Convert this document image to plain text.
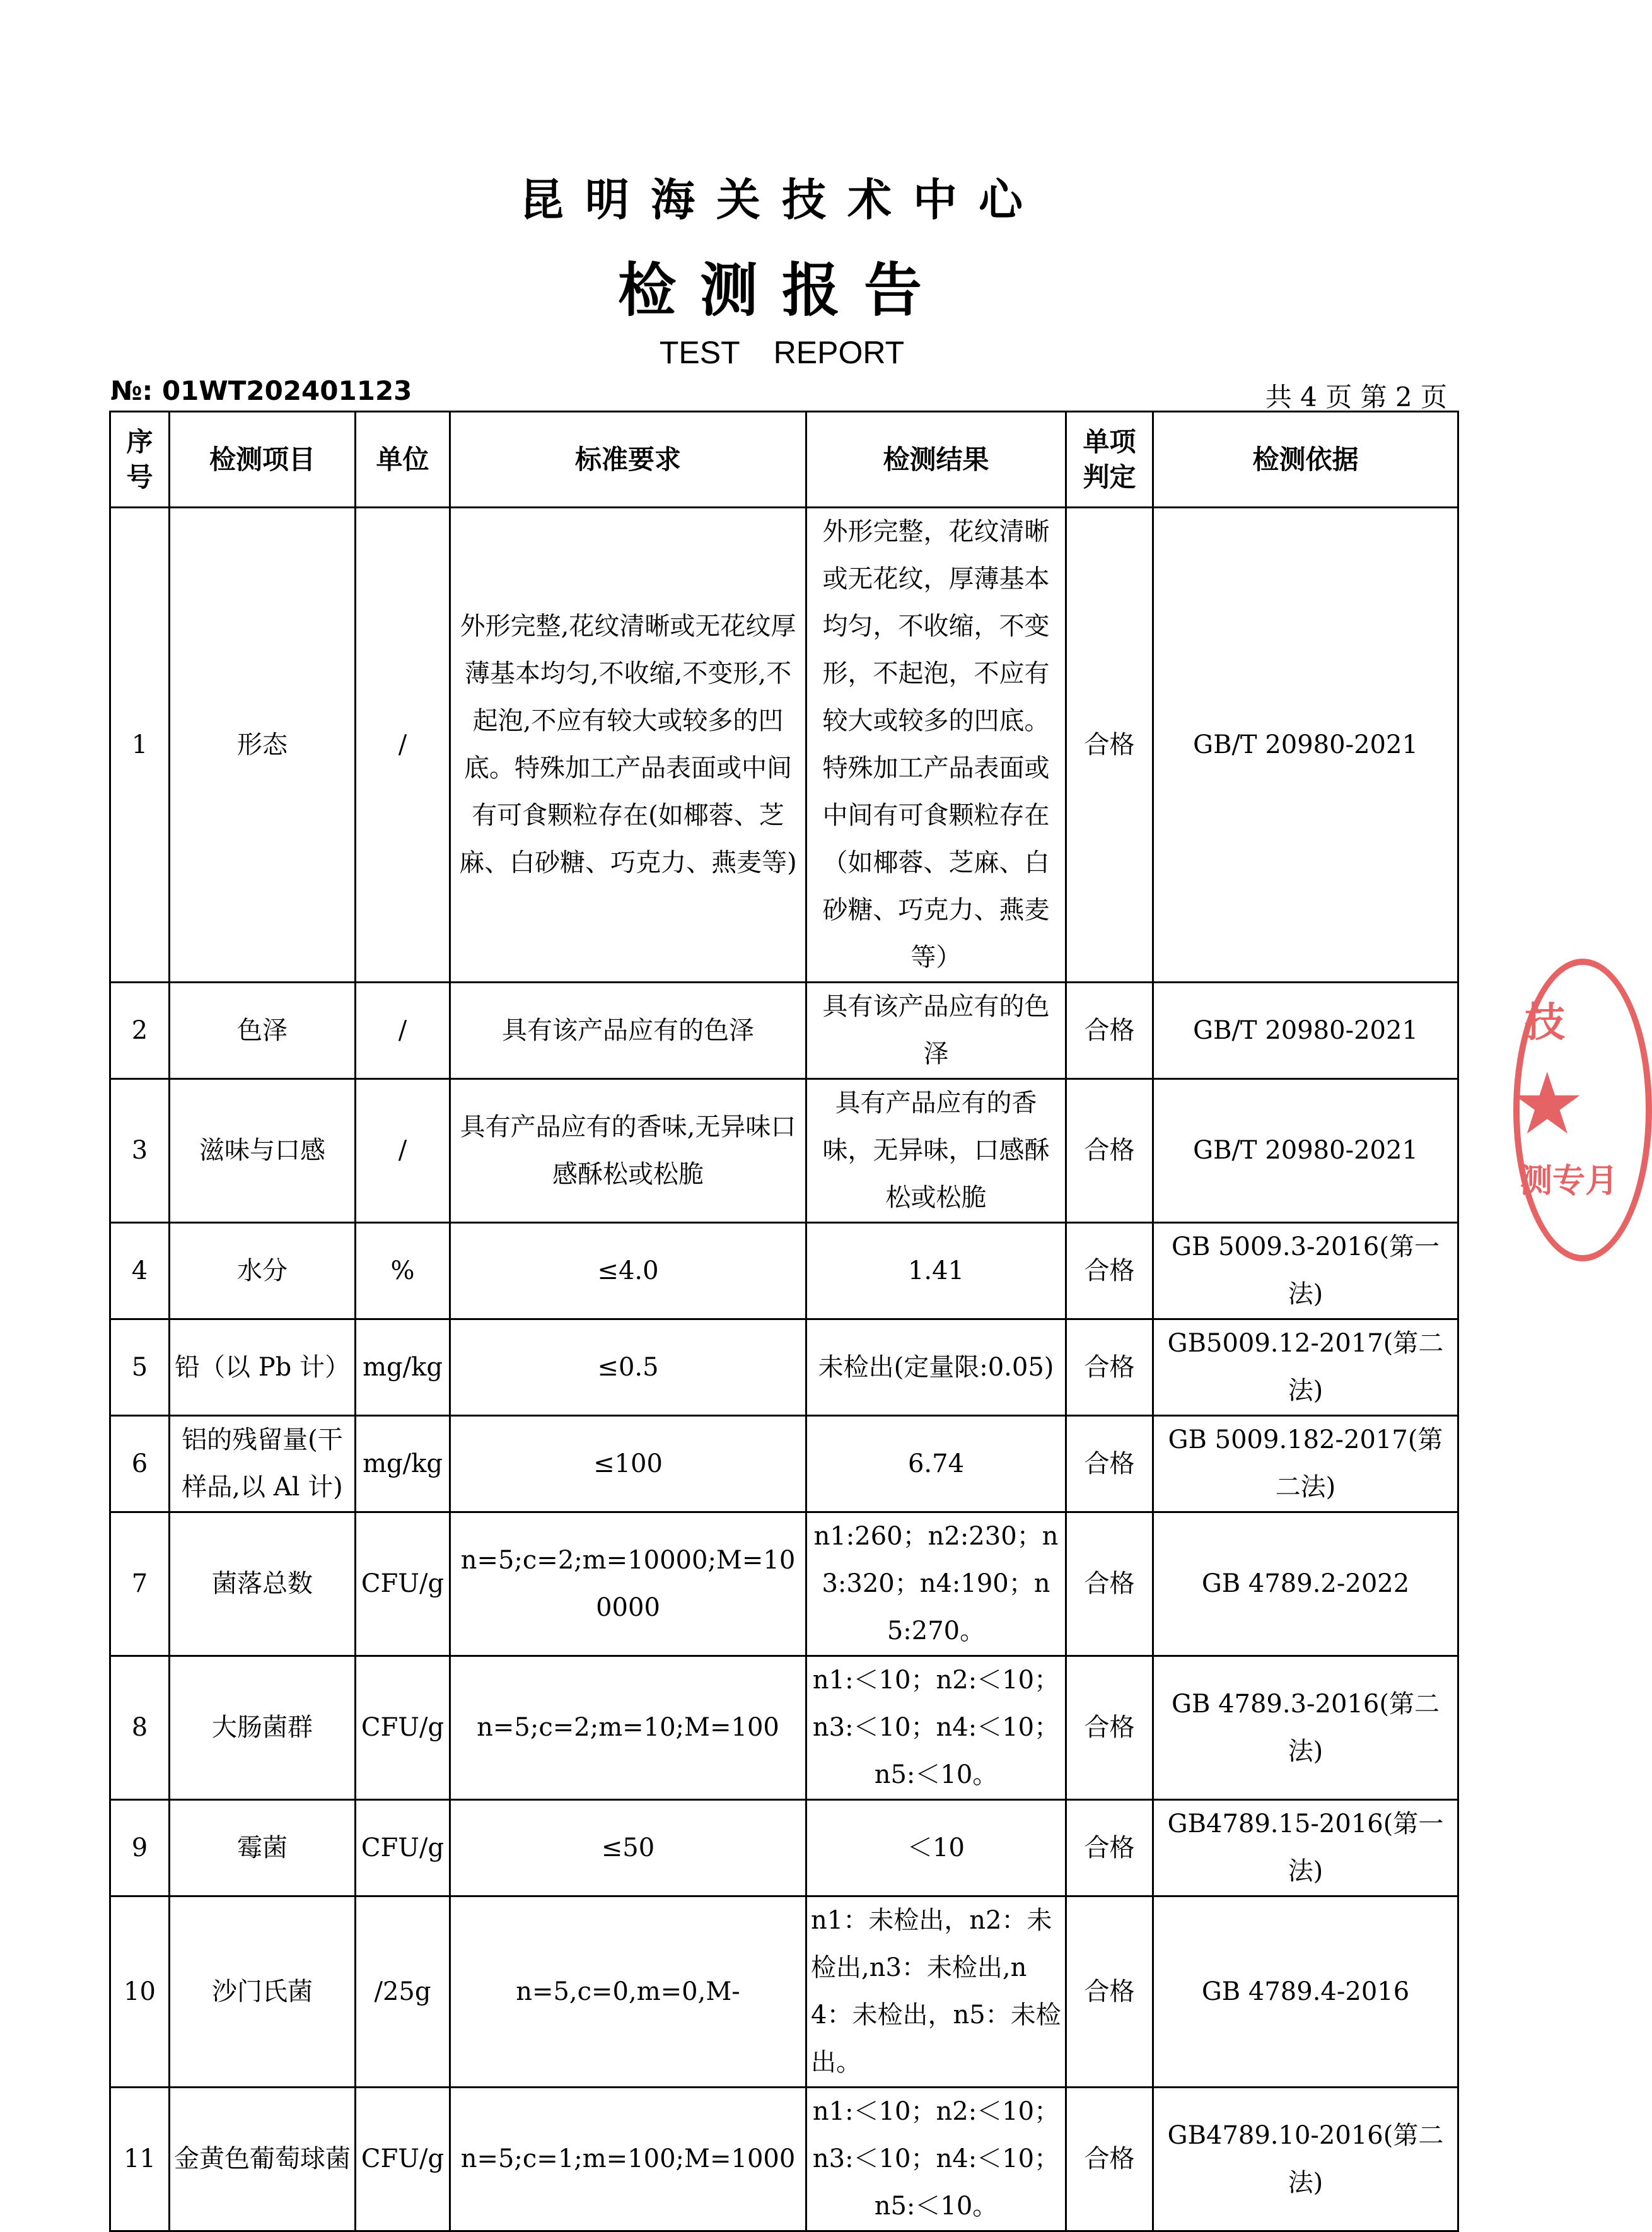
昆明海关技术中心
检测报告
TEST REPORT
№: 01WT202401123	共 4 页 第 2 页
序号	检测项目	单位	标准要求	检测结果	单项判定	检测依据
1	形态	/	外形完整,花纹清晰或无花纹厚薄基本均匀,不收缩,不变形,不起泡,不应有较大或较多的凹底。特殊加工产品表面或中间有可食颗粒存在(如椰蓉、芝麻、白砂糖、巧克力、燕麦等)	外形完整，花纹清晰或无花纹，厚薄基本均匀，不收缩，不变形，不起泡，不应有较大或较多的凹底。特殊加工产品表面或中间有可食颗粒存在（如椰蓉、芝麻、白砂糖、巧克力、燕麦等）	合格	GB/T 20980-2021
2	色泽	/	具有该产品应有的色泽	具有该产品应有的色泽	合格	GB/T 20980-2021
3	滋味与口感	/	具有产品应有的香味,无异味口感酥松或松脆	具有产品应有的香味，无异味，口感酥松或松脆	合格	GB/T 20980-2021
4	水分	%	≤4.0	1.41	合格	GB 5009.3-2016(第一法)
5	铅（以 Pb 计）	mg/kg	≤0.5	未检出(定量限:0.05)	合格	GB5009.12-2017(第二法)
6	铝的残留量(干样品,以 Al 计)	mg/kg	≤100	6.74	合格	GB 5009.182-2017(第二法)
7	菌落总数	CFU/g	n=5;c=2;m=10000;M=100000	n1:260；n2:230；n3:320；n4:190；n5:270。	合格	GB 4789.2-2022
8	大肠菌群	CFU/g	n=5;c=2;m=10;M=100	n1:＜10；n2:＜10；n3:＜10；n4:＜10；n5:＜10。	合格	GB 4789.3-2016(第二法)
9	霉菌	CFU/g	≤50	＜10	合格	GB4789.15-2016(第一法)
10	沙门氏菌	/25g	n=5,c=0,m=0,M-	n1：未检出，n2：未检出,n3：未检出,n4：未检出，n5：未检出。	合格	GB 4789.4-2016
11	金黄色葡萄球菌	CFU/g	n=5;c=1;m=100;M=1000	n1:＜10；n2:＜10；n3:＜10；n4:＜10；n5:＜10。	合格	GB4789.10-2016(第二法)
技
★
测专月
